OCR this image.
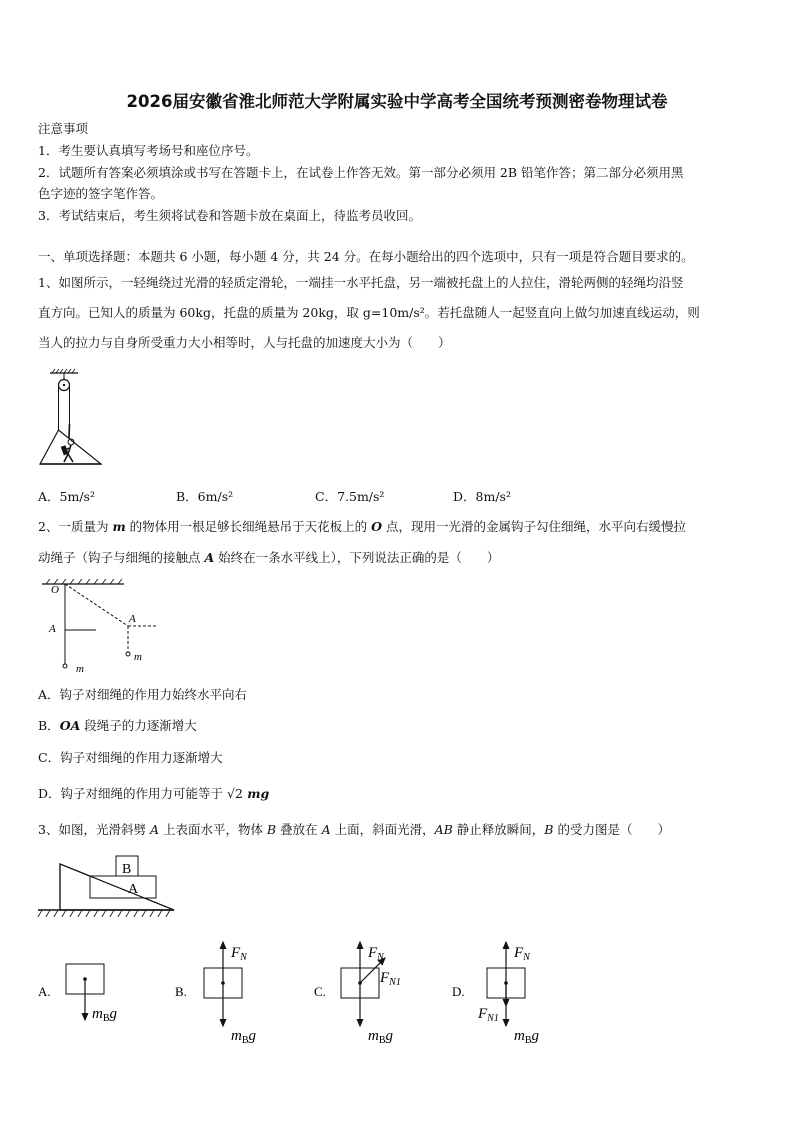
2026届安徽省淮北师范大学附属实验中学高考全国统考预测密卷物理试卷
注意事项
1．考生要认真填写考场号和座位序号。
2．试题所有答案必须填涂或书写在答题卡上，在试卷上作答无效。第一部分必须用 2B 铅笔作答；第二部分必须用黑
色字迹的签字笔作答。
3．考试结束后，考生须将试卷和答题卡放在桌面上，待监考员收回。
一、单项选择题：本题共 6 小题，每小题 4 分，共 24 分。在每小题给出的四个选项中，只有一项是符合题目要求的。
1、如图所示，一轻绳绕过光滑的轻质定滑轮，一端挂一水平托盘，另一端被托盘上的人拉住，滑轮两侧的轻绳均沿竖
直方向。已知人的质量为 60kg，托盘的质量为 20kg，取 g=10m/s²。若托盘随人一起竖直向上做匀加速直线运动，则
当人的拉力与自身所受重力大小相等时，人与托盘的加速度大小为（　　）
A．5m/s²	B．6m/s²	C．7.5m/s²	D．8m/s²
2、一质量为 m 的物体用一根足够长细绳悬吊于天花板上的 O 点，现用一光滑的金属钩子勾住细绳，水平向右缓慢拉
动绳子（钩子与细绳的接触点 A 始终在一条水平线上），下列说法正确的是（　　）
O
m
A
A
m
A．钩子对细绳的作用力始终水平向右
B．OA 段绳子的力逐渐增大
C．钩子对细绳的作用力逐渐增大
D．钩子对细绳的作用力可能等于 √2 mg
3、如图，光滑斜劈 A 上表面水平，物体 B 叠放在 A 上面，斜面光滑，AB 静止释放瞬间，B 的受力图是（　　）
B
A
A.
$m_Bg$
B.
$F_N$
$m_Bg$
C.
$F_N$
$F_{N1}$
$m_Bg$
D.
$F_N$
$F_{N1}$
$m_Bg$
